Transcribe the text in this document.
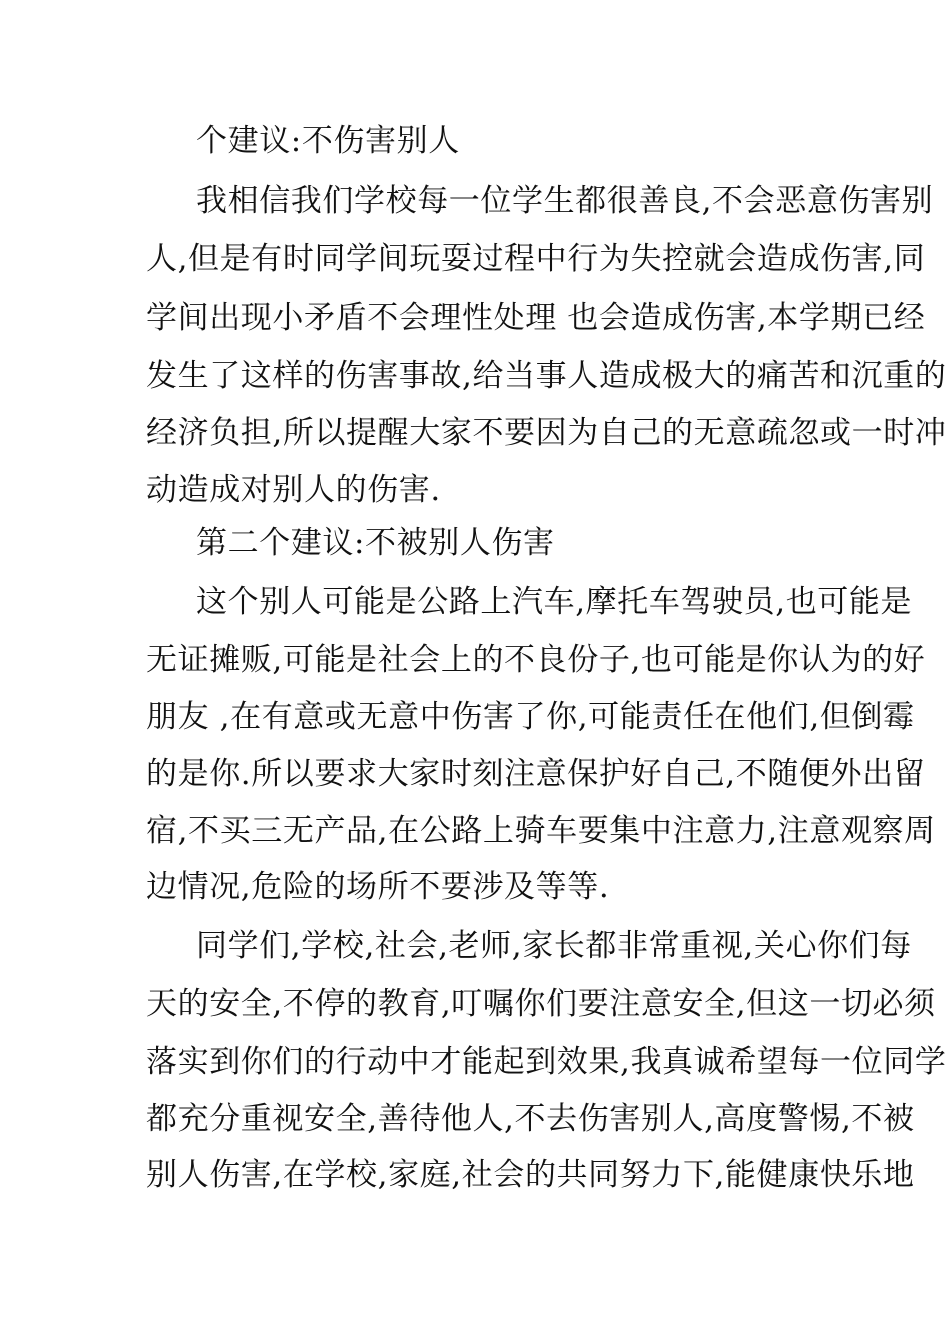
个建议:不伤害别人
我相信我们学校每一位学生都很善良,不会恶意伤害别
人,但是有时同学间玩耍过程中行为失控就会造成伤害,同
学间出现小矛盾不会理性处理 也会造成伤害,本学期已经
发生了这样的伤害事故,给当事人造成极大的痛苦和沉重的
经济负担,所以提醒大家不要因为自己的无意疏忽或一时冲
动造成对别人的伤害.
第二个建议:不被别人伤害
这个别人可能是公路上汽车,摩托车驾驶员,也可能是
无证摊贩,可能是社会上的不良份子,也可能是你认为的好
朋友 ,在有意或无意中伤害了你,可能责任在他们,但倒霉
的是你.所以要求大家时刻注意保护好自己,不随便外出留
宿,不买三无产品,在公路上骑车要集中注意力,注意观察周
边情况,危险的场所不要涉及等等.
同学们,学校,社会,老师,家长都非常重视,关心你们每
天的安全,不停的教育,叮嘱你们要注意安全,但这一切必须
落实到你们的行动中才能起到效果,我真诚希望每一位同学
都充分重视安全,善待他人,不去伤害别人,高度警惕,不被
别人伤害,在学校,家庭,社会的共同努力下,能健康快乐地
